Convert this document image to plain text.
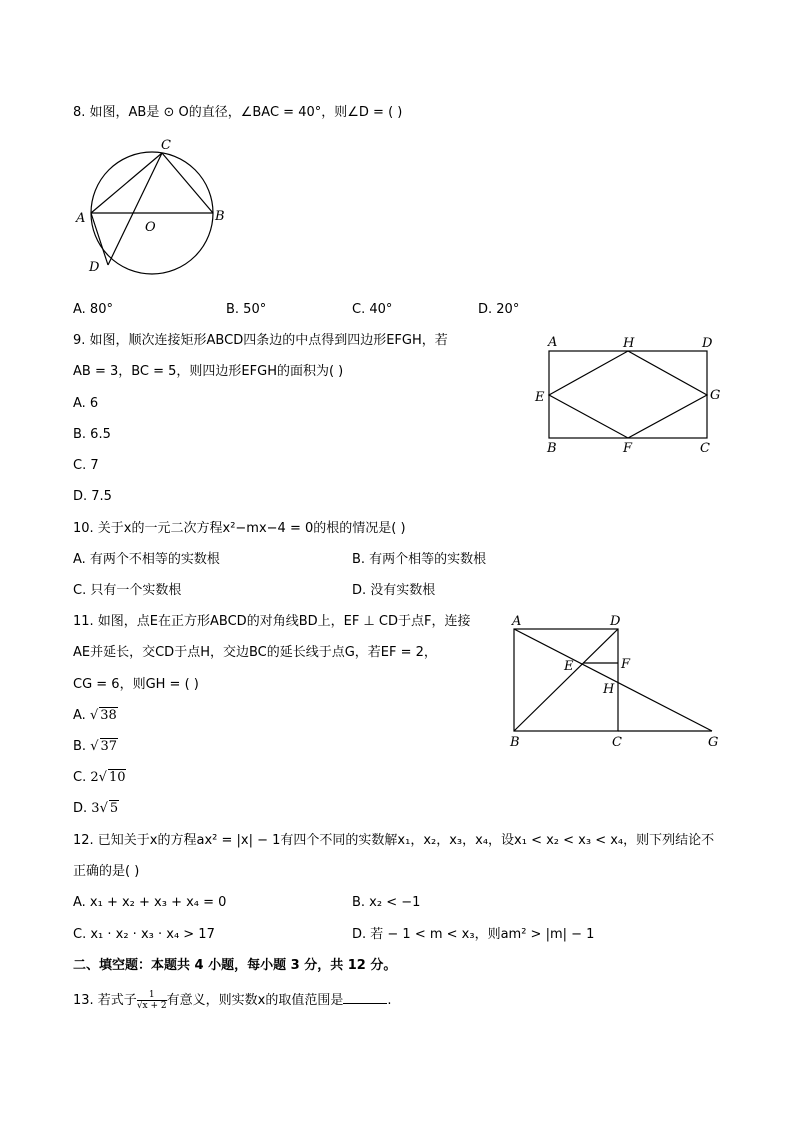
8. 如图，AB是 ⊙ O的直径，∠BAC = 40°，则∠D = ( )
C
A	B
O
D
A. 80°	B. 50°	C. 40°	D. 20°
9. 如图，顺次连接矩形ABCD四条边的中点得到四边形EFGH，若
AB = 3，BC = 5，则四边形EFGH的面积为( )
A. 6
B. 6.5
C. 7
D. 7.5
A	H	D
E	G
B	F	C
10. 关于x的一元二次方程x²−mx−4 = 0的根的情况是( )
A. 有两个不相等的实数根	B. 有两个相等的实数根
C. 只有一个实数根	D. 没有实数根
11. 如图，点E在正方形ABCD的对角线BD上，EF ⊥ CD于点F，连接
AE并延长，交CD于点H，交边BC的延长线于点G，若EF = 2，
CG = 6，则GH = ( )
A. √ 38
B. √ 37
C. 2√ 10
D. 3√ 5
A	D
E	F
H
B	C	G
12. 已知关于x的方程ax² = |x| − 1有四个不同的实数解x₁，x₂，x₃，x₄，设x₁ < x₂ < x₃ < x₄，则下列结论不
正确的是( )
A. x₁ + x₂ + x₃ + x₄ = 0	B. x₂ < −1
C. x₁ · x₂ · x₃ · x₄ > 17	D. 若 − 1 < m < x₃，则am² > |m| − 1
二、填空题：本题共 4 小题，每小题 3 分，共 12 分。
13. 若式子 $\frac{1}{√x + 2}$ 有意义，则实数x的取值范围是	.
